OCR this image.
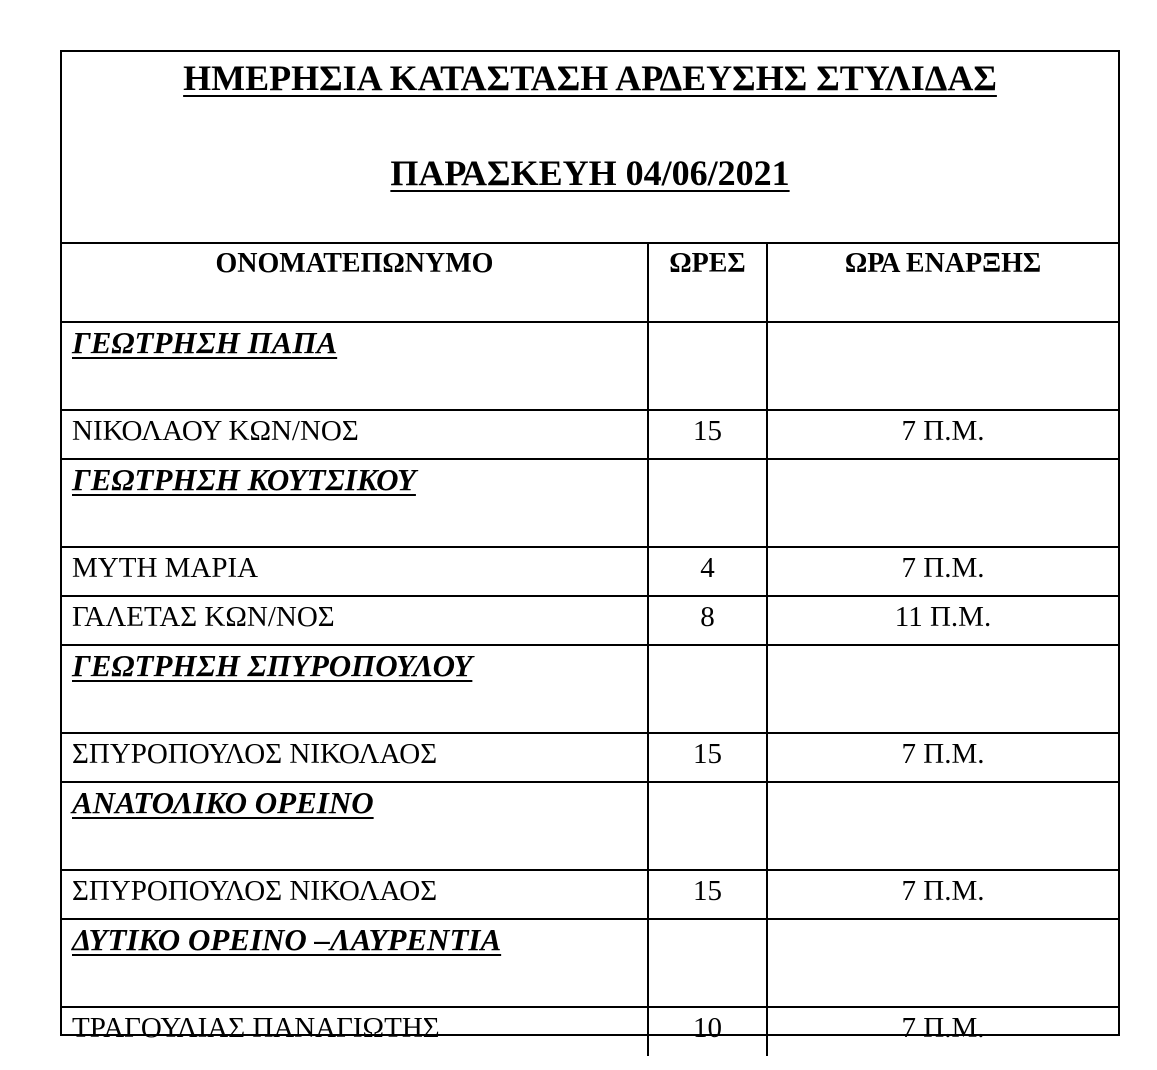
ΗΜΕΡΗΣΙΑ ΚΑΤΑΣΤΑΣΗ ΑΡΔΕΥΣΗΣ ΣΤΥΛΙΔΑΣ
ΠΑΡΑΣΚΕΥΗ 04/06/2021
ΟΝΟΜΑΤΕΠΩΝΥΜΟ	ΩΡΕΣ	ΩΡΑ ΕΝΑΡΞΗΣ
ΓΕΩΤΡΗΣΗ ΠΑΠΑ		
ΝΙΚΟΛΑΟΥ ΚΩΝ/ΝΟΣ	15	7 Π.Μ.
ΓΕΩΤΡΗΣΗ ΚΟΥΤΣΙΚΟΥ		
ΜΥΤΗ ΜΑΡΙΑ	4	7 Π.Μ.
ΓΑΛΕΤΑΣ ΚΩΝ/ΝΟΣ	8	11 Π.Μ.
ΓΕΩΤΡΗΣΗ ΣΠΥΡΟΠΟΥΛΟΥ		
ΣΠΥΡΟΠΟΥΛΟΣ ΝΙΚΟΛΑΟΣ	15	7 Π.Μ.
ΑΝΑΤΟΛΙΚΟ ΟΡΕΙΝΟ		
ΣΠΥΡΟΠΟΥΛΟΣ ΝΙΚΟΛΑΟΣ	15	7 Π.Μ.
ΔΥΤΙΚΟ ΟΡΕΙΝΟ –ΛΑΥΡΕΝΤΙΑ		
ΤΡΑΓΟΥΛΙΑΣ ΠΑΝΑΓΙΩΤΗΣ	10	7 Π.Μ.
